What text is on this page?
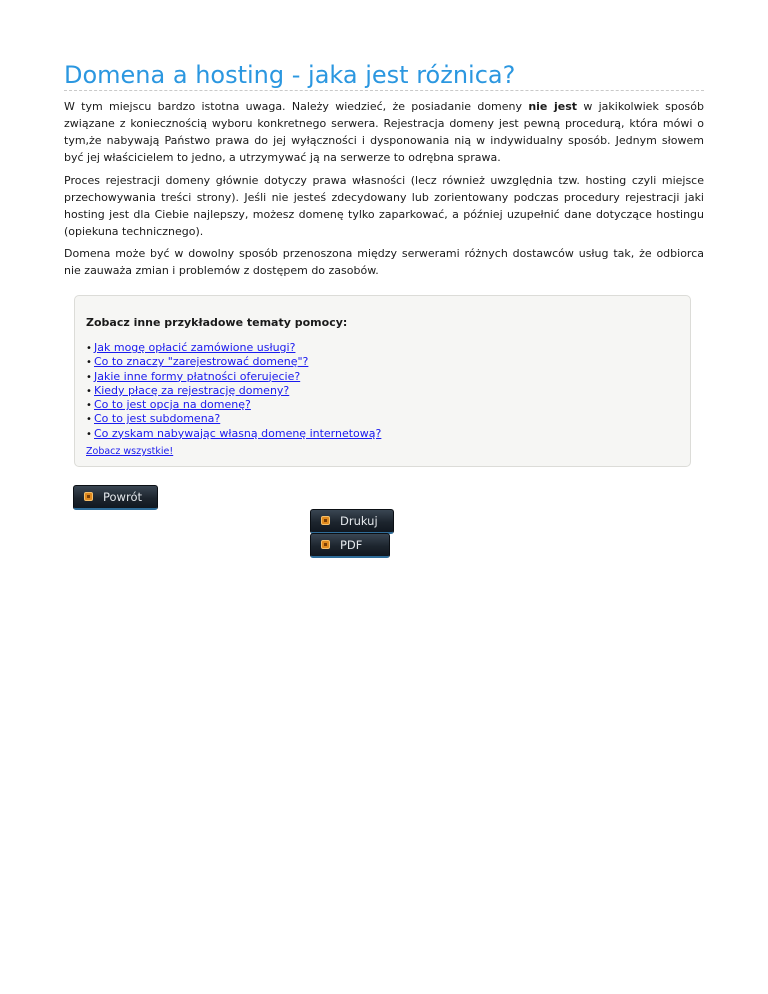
Domena a hosting - jaka jest różnica?

W tym miejscu bardzo istotna uwaga. Należy wiedzieć, że posiadanie domeny nie jest w jakikolwiek sposób związane z koniecznością wyboru konkretnego serwera. Rejestracja domeny jest pewną procedurą, która mówi o tym,że nabywają Państwo prawa do jej wyłączności i dysponowania nią w indywidualny sposób. Jednym słowem być jej właścicielem to jedno, a utrzymywać ją na serwerze to odrębna sprawa.

Proces rejestracji domeny głównie dotyczy prawa własności (lecz również uwzględnia tzw. hosting czyli miejsce przechowywania treści strony). Jeśli nie jesteś zdecydowany lub zorientowany podczas procedury rejestracji jaki hosting jest dla Ciebie najlepszy, możesz domenę tylko zaparkować, a później uzupełnić dane dotyczące hostingu (opiekuna technicznego).

Domena może być w dowolny sposób przenoszona między serwerami różnych dostawców usług tak, że odbiorca nie zauważa zmian i problemów z dostępem do zasobów.

Zobacz inne przykładowe tematy pomocy:

• Jak mogę opłacić zamówione usługi?
• Co to znaczy "zarejestrować domenę"?
• Jakie inne formy płatności oferujecie?
• Kiedy płacę za rejestrację domeny?
• Co to jest opcja na domenę?
• Co to jest subdomena?
• Co zyskam nabywając własną domenę internetową?
Zobacz wszystkie!
Powrót
Drukuj
PDF
